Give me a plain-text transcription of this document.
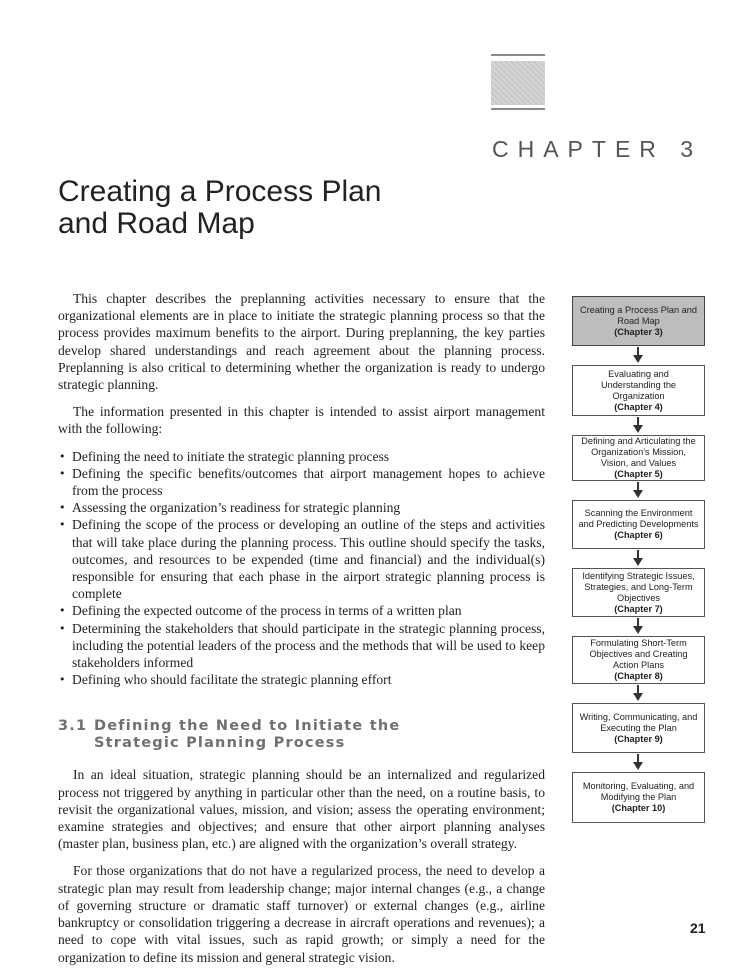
CHAPTER 3
Creating a Process Plan
and Road Map

This chapter describes the preplanning activities necessary to ensure that the organizational elements are in place to initiate the strategic planning process so that the process provides maximum benefits to the airport. During preplanning, the key parties develop shared understandings and reach agreement about the planning process. Preplanning is also critical to determining whether the organization is ready to undergo strategic planning.

The information presented in this chapter is intended to assist airport management with the following:

• Defining the need to initiate the strategic planning process
• Defining the specific benefits/outcomes that airport management hopes to achieve from the process
• Assessing the organization’s readiness for strategic planning
• Defining the scope of the process or developing an outline of the steps and activities that will take place during the planning process. This outline should specify the tasks, outcomes, and resources to be expended (time and financial) and the individual(s) responsible for ensuring that each phase in the airport strategic planning process is complete
• Defining the expected outcome of the process in terms of a written plan
• Determining the stakeholders that should participate in the strategic planning process, including the potential leaders of the process and the methods that will be used to keep stakeholders informed
• Defining who should facilitate the strategic planning effort
3.1 Defining the Need to Initiate the
Strategic Planning Process

In an ideal situation, strategic planning should be an internalized and regularized process not triggered by anything in particular other than the need, on a routine basis, to revisit the organizational values, mission, and vision; assess the operating environment; examine strategies and objectives; and ensure that other airport planning analyses (master plan, business plan, etc.) are aligned with the organization’s overall strategy.

For those organizations that do not have a regularized process, the need to develop a strategic plan may result from leadership change; major internal changes (e.g., a change of governing structure or dramatic staff turnover) or external changes (e.g., airline bankruptcy or consolidation triggering a decrease in aircraft operations and revenues); a need to cope with vital issues, such as rapid growth; or simply a need for the organization to define its mission and general strategic vision.

Creating a Process Plan and Road Map
(Chapter 3)
Evaluating and Understanding the Organization
(Chapter 4)
Defining and Articulating the Organization’s Mission, Vision, and Values
(Chapter 5)
Scanning the Environment and Predicting Developments
(Chapter 6)
Identifying Strategic Issues, Strategies, and Long-Term Objectives
(Chapter 7)
Formulating Short-Term Objectives and Creating Action Plans
(Chapter 8)
Writing, Communicating, and Executing the Plan
(Chapter 9)
Monitoring, Evaluating, and Modifying the Plan
(Chapter 10)
21
